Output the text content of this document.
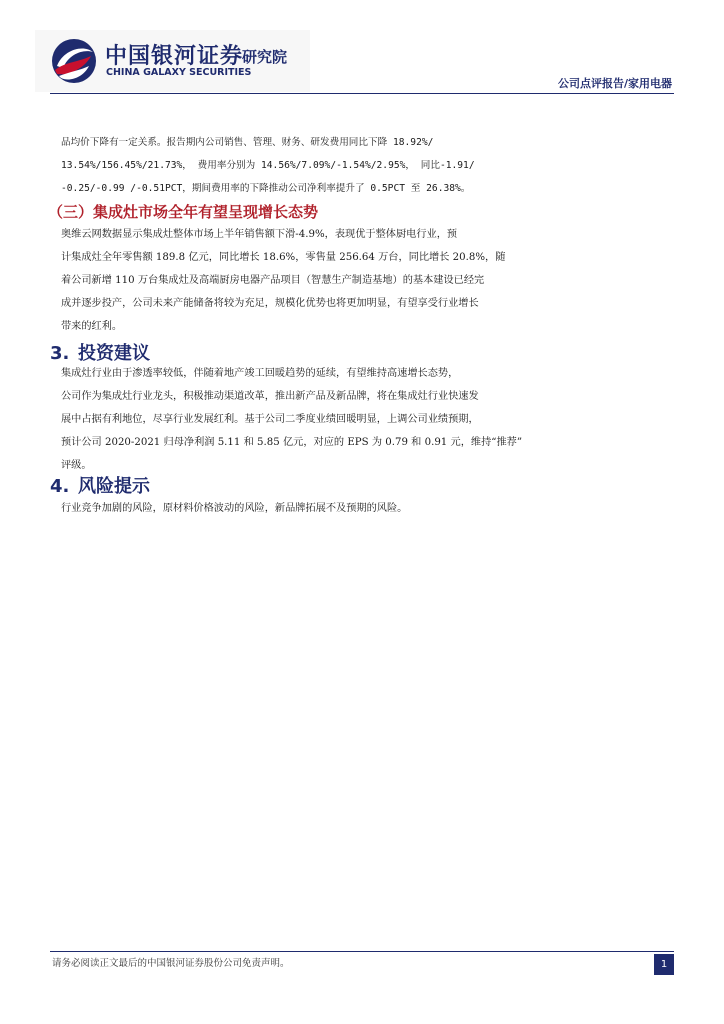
中国银河证券
CHINA GALAXY SECURITIES
研究院
公司点评报告/家用电器
品均价下降有一定关系。报告期内公司销售、管理、财务、研发费用同比下降 18.92%/
13.54%/156.45%/21.73%， 费用率分别为 14.56%/7.09%/-1.54%/2.95%， 同比-1.91/
-0.25/-0.99 /-0.51PCT，期间费用率的下降推动公司净利率提升了 0.5PCT 至 26.38%。
（三）集成灶市场全年有望呈现增长态势
奥维云网数据显示集成灶整体市场上半年销售额下滑-4.9%，表现优于整体厨电行业，预
计集成灶全年零售额 189.8 亿元，同比增长 18.6%，零售量 256.64 万台，同比增长 20.8%，随
着公司新增 110 万台集成灶及高端厨房电器产品项目（智慧生产制造基地）的基本建设已经完
成并逐步投产，公司未来产能储备将较为充足，规模化优势也将更加明显，有望享受行业增长
带来的红利。
3. 投资建议
集成灶行业由于渗透率较低，伴随着地产竣工回暖趋势的延续，有望维持高速增长态势，
公司作为集成灶行业龙头，积极推动渠道改革，推出新产品及新品牌，将在集成灶行业快速发
展中占据有利地位，尽享行业发展红利。基于公司二季度业绩回暖明显，上调公司业绩预期，
预计公司 2020-2021 归母净利润 5.11 和 5.85 亿元，对应的 EPS 为 0.79 和 0.91 元，维持“推荐”
评级。
4. 风险提示
行业竞争加剧的风险，原材料价格波动的风险，新品牌拓展不及预期的风险。
请务必阅读正文最后的中国银河证券股份公司免责声明。	1
